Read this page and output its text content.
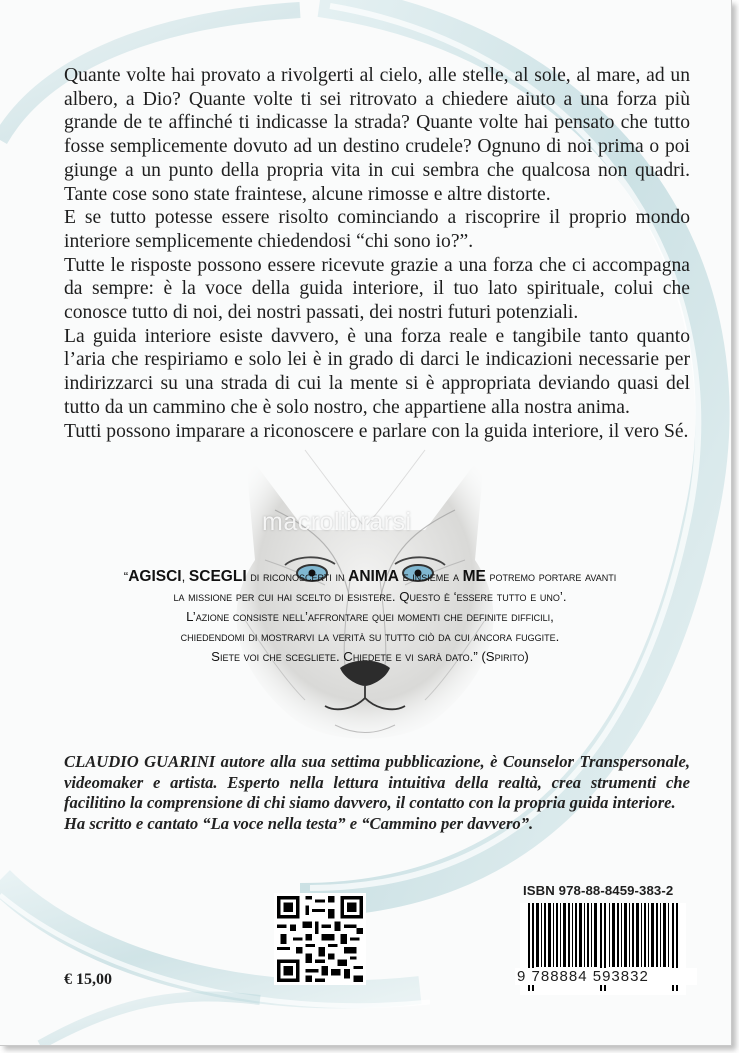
macrolibrarsi

Quante volte hai provato a rivolgerti al cielo, alle stelle, al sole, al mare, ad un albero, a Dio? Quante volte ti sei ritrovato a chiedere aiuto a una forza più grande de te affinché ti indicasse la strada? Quante volte hai pensato che tutto fosse semplicemente dovuto ad un destino crudele? Ognuno di noi prima o poi giunge a un punto della propria vita in cui sembra che qualcosa non quadri. Tante cose sono state fraintese, alcune rimosse e altre distorte.

E se tutto potesse essere risolto cominciando a riscoprire il proprio mondo interiore semplicemente chiedendosi “chi sono io?”.

Tutte le risposte possono essere ricevute grazie a una forza che ci accompagna da sempre: è la voce della guida interiore, il tuo lato spirituale, colui che conosce tutto di noi, dei nostri passati, dei nostri futuri potenziali.

La guida interiore esiste davvero, è una forza reale e tangibile tanto quanto l’aria che respiriamo e solo lei è in grado di darci le indicazioni necessarie per indirizzarci su una strada di cui la mente si è appropriata deviando quasi del tutto da un cammino che è solo nostro, che appartiene alla nostra anima.

Tutti possono imparare a riconoscere e parlare con la guida interiore, il vero Sé.

“AGISCI, SCEGLI di riconoscerti in ANIMA e insieme a ME potremo portare avanti
la missione per cui hai scelto di esistere. Questo è ‘essere tutto e uno’.
L’azione consiste nell’affrontare quei momenti che definite difficili,
chiedendomi di mostrarvi la verità su tutto ciò da cui ancora fuggite.
Siete voi che scegliete. Chiedete e vi sarà dato.” (Spirito)

CLAUDIO GUARINI autore alla sua settima pubblicazione, è Counselor Transpersonale, videomaker e artista. Esperto nella lettura intuitiva della realtà, crea strumenti che facilitino la comprensione di chi siamo davvero, il contatto con la propria guida interiore.

Ha scritto e cantato “La voce nella testa” e “Cammino per davvero”.

€ 15,00
ISBN 978-88-8459-383-2
9 788884 593832
